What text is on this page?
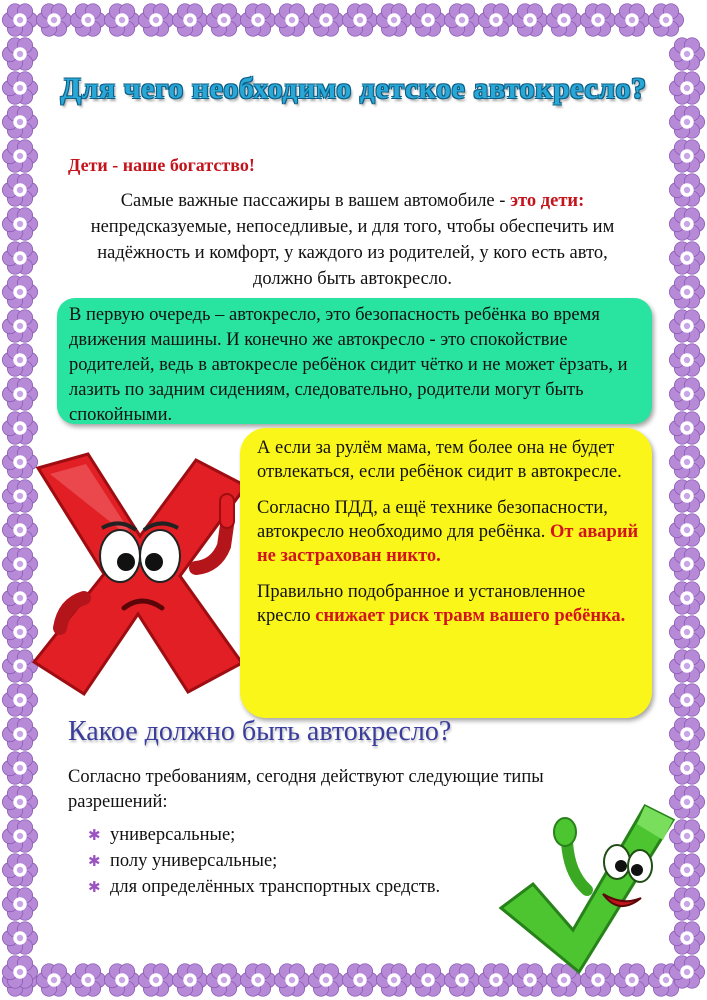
Для чего необходимо детское автокресло?
Дети - наше богатство!
Самые важные пассажиры в вашем автомобиле - это дети: непредсказуемые, непоседливые, и для того, чтобы обеспечить им надёжность и комфорт, у каждого из родителей, у кого есть авто, должно быть автокресло.
В первую очередь – автокресло, это безопасность ребёнка во время движения машины. И конечно же автокресло - это спокойствие родителей, ведь в автокресле ребёнок сидит чётко и не может ёрзать, и лазить по задним сидениям, следовательно, родители могут быть спокойными.

А если за рулём мама, тем более она не будет отвлекаться, если ребёнок сидит в автокресле.

Согласно ПДД, а ещё технике безопасности, автокресло необходимо для ребёнка. От аварий не застрахован никто.

Правильно подобранное и установленное кресло снижает риск травм вашего ребёнка.

Какое должно быть автокресло?
Согласно требованиям, сегодня действуют следующие типы разрешений:
✱ универсальные;
✱ полу универсальные;
✱ для определённых транспортных средств.
